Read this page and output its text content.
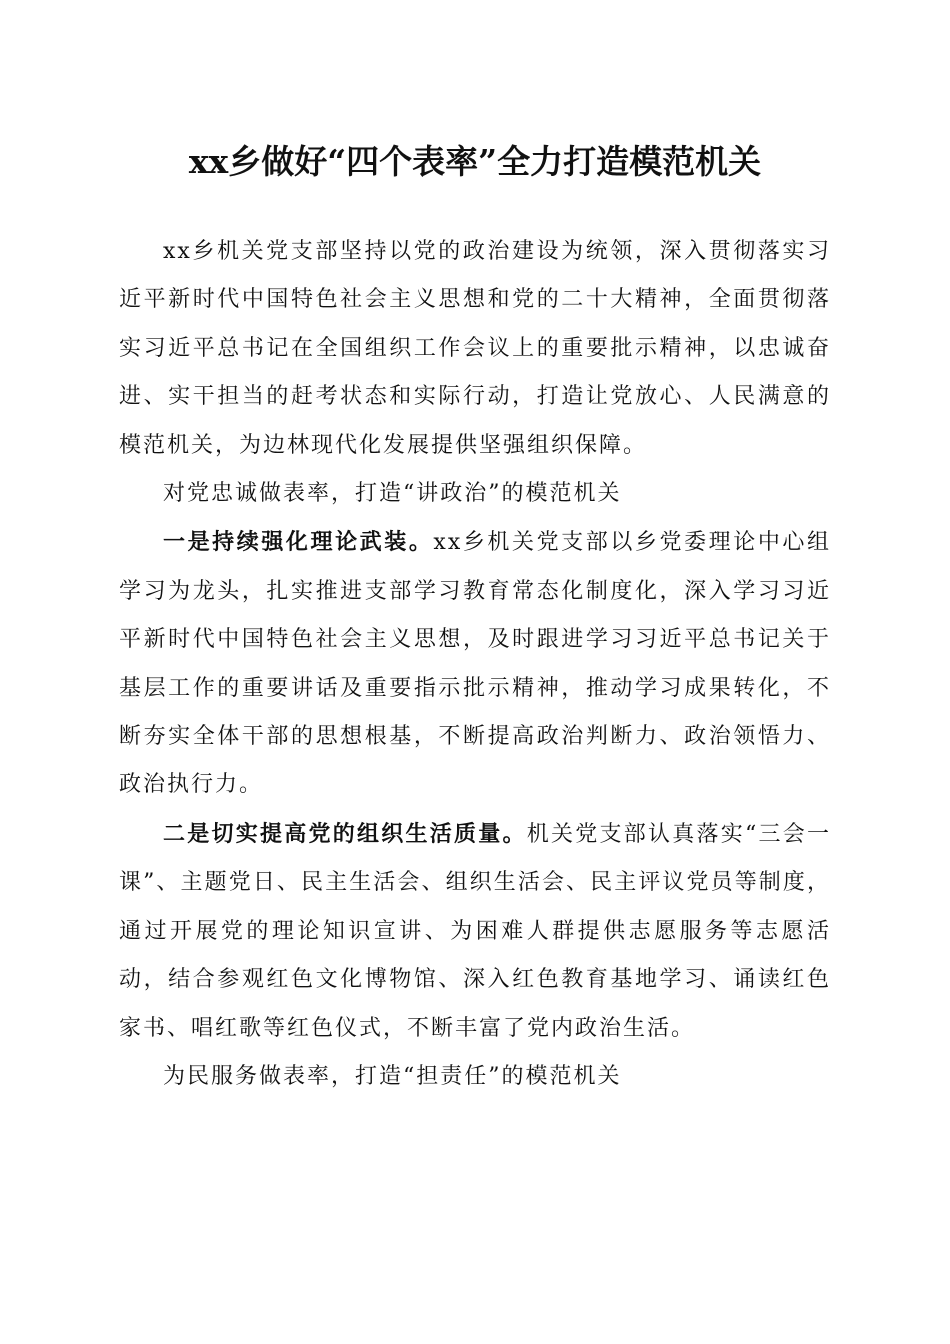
xx乡做好“四个表率”全力打造模范机关

xx乡机关党支部坚持以党的政治建设为统领，深入贯彻落实习近平新时代中国特色社会主义思想和党的二十大精神，全面贯彻落实习近平总书记在全国组织工作会议上的重要批示精神，以忠诚奋进、实干担当的赶考状态和实际行动，打造让党放心、人民满意的模范机关，为边林现代化发展提供坚强组织保障。

对党忠诚做表率，打造“讲政治”的模范机关

一是持续强化理论武装。xx乡机关党支部以乡党委理论中心组学习为龙头，扎实推进支部学习教育常态化制度化，深入学习习近平新时代中国特色社会主义思想，及时跟进学习习近平总书记关于基层工作的重要讲话及重要指示批示精神，推动学习成果转化，不断夯实全体干部的思想根基，不断提高政治判断力、政治领悟力、政治执行力。

二是切实提高党的组织生活质量。机关党支部认真落实“三会一课”、主题党日、民主生活会、组织生活会、民主评议党员等制度，通过开展党的理论知识宣讲、为困难人群提供志愿服务等志愿活动，结合参观红色文化博物馆、深入红色教育基地学习、诵读红色家书、唱红歌等红色仪式，不断丰富了党内政治生活。

为民服务做表率，打造“担责任”的模范机关
